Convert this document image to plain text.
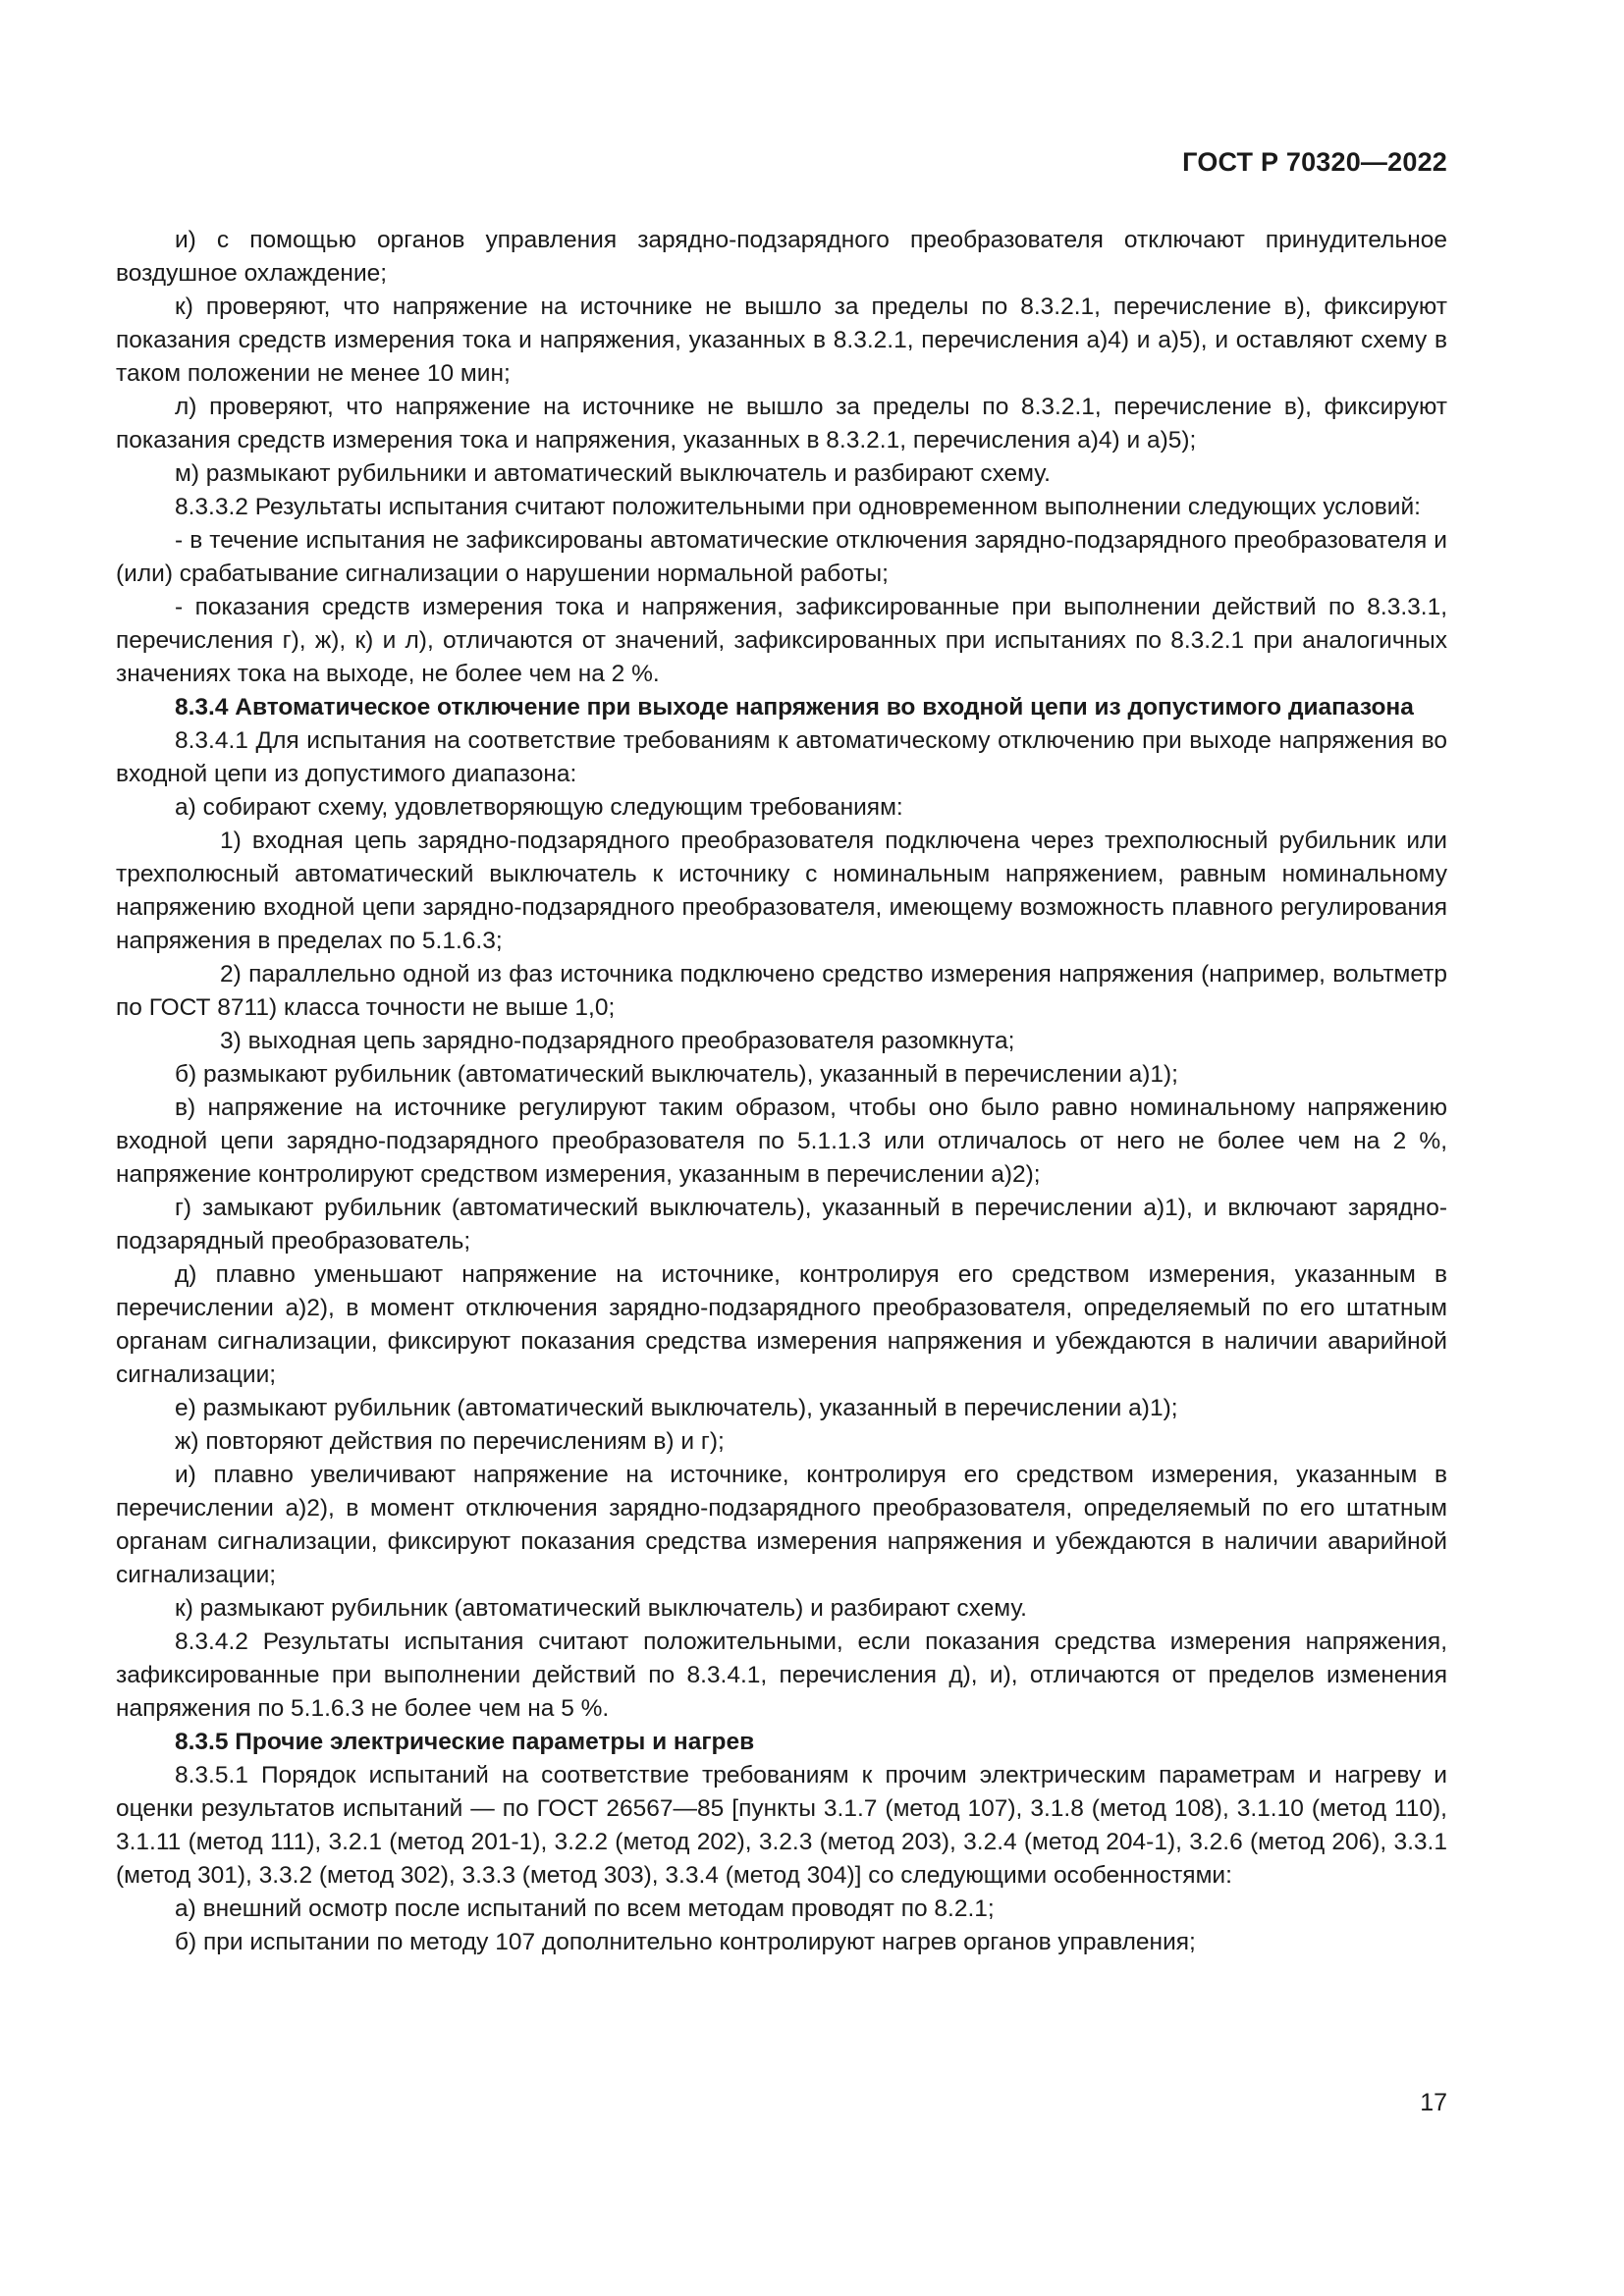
ГОСТ Р 70320—2022

и) с помощью органов управления зарядно-подзарядного преобразователя отключают принудительное воздушное охлаждение;

к) проверяют, что напряжение на источнике не вышло за пределы по 8.3.2.1, перечисление в), фиксируют показания средств измерения тока и напряжения, указанных в 8.3.2.1, перечисления а)4) и а)5), и оставляют схему в таком положении не менее 10 мин;

л) проверяют, что напряжение на источнике не вышло за пределы по 8.3.2.1, перечисление в), фиксируют показания средств измерения тока и напряжения, указанных в 8.3.2.1, перечисления а)4) и а)5);

м) размыкают рубильники и автоматический выключатель и разбирают схему.

8.3.3.2 Результаты испытания считают положительными при одновременном выполнении следующих условий:

- в течение испытания не зафиксированы автоматические отключения зарядно-подзарядного преобразователя и (или) срабатывание сигнализации о нарушении нормальной работы;

- показания средств измерения тока и напряжения, зафиксированные при выполнении действий по 8.3.3.1, перечисления г), ж), к) и л), отличаются от значений, зафиксированных при испытаниях по 8.3.2.1 при аналогичных значениях тока на выходе, не более чем на 2 %.

8.3.4 Автоматическое отключение при выходе напряжения во входной цепи из допустимого диапазона

8.3.4.1 Для испытания на соответствие требованиям к автоматическому отключению при выходе напряжения во входной цепи из допустимого диапазона:

а) собирают схему, удовлетворяющую следующим требованиям:

1) входная цепь зарядно-подзарядного преобразователя подключена через трехполюсный рубильник или трехполюсный автоматический выключатель к источнику с номинальным напряжением, равным номинальному напряжению входной цепи зарядно-подзарядного преобразователя, имеющему возможность плавного регулирования напряжения в пределах по 5.1.6.3;

2) параллельно одной из фаз источника подключено средство измерения напряжения (например, вольтметр по ГОСТ 8711) класса точности не выше 1,0;

3) выходная цепь зарядно-подзарядного преобразователя разомкнута;

б) размыкают рубильник (автоматический выключатель), указанный в перечислении а)1);

в) напряжение на источнике регулируют таким образом, чтобы оно было равно номинальному напряжению входной цепи зарядно-подзарядного преобразователя по 5.1.1.3 или отличалось от него не более чем на 2 %, напряжение контролируют средством измерения, указанным в перечислении а)2);

г) замыкают рубильник (автоматический выключатель), указанный в перечислении а)1), и включают зарядно-подзарядный преобразователь;

д) плавно уменьшают напряжение на источнике, контролируя его средством измерения, указанным в перечислении а)2), в момент отключения зарядно-подзарядного преобразователя, определяемый по его штатным органам сигнализации, фиксируют показания средства измерения напряжения и убеждаются в наличии аварийной сигнализации;

е) размыкают рубильник (автоматический выключатель), указанный в перечислении а)1);

ж) повторяют действия по перечислениям в) и г);

и) плавно увеличивают напряжение на источнике, контролируя его средством измерения, указанным в перечислении а)2), в момент отключения зарядно-подзарядного преобразователя, определяемый по его штатным органам сигнализации, фиксируют показания средства измерения напряжения и убеждаются в наличии аварийной сигнализации;

к) размыкают рубильник (автоматический выключатель) и разбирают схему.

8.3.4.2 Результаты испытания считают положительными, если показания средства измерения напряжения, зафиксированные при выполнении действий по 8.3.4.1, перечисления д), и), отличаются от пределов изменения напряжения по 5.1.6.3 не более чем на 5 %.

8.3.5 Прочие электрические параметры и нагрев

8.3.5.1 Порядок испытаний на соответствие требованиям к прочим электрическим параметрам и нагреву и оценки результатов испытаний — по ГОСТ 26567—85 [пункты 3.1.7 (метод 107), 3.1.8 (метод 108), 3.1.10 (метод 110), 3.1.11 (метод 111), 3.2.1 (метод 201-1), 3.2.2 (метод 202), 3.2.3 (метод 203), 3.2.4 (метод 204-1), 3.2.6 (метод 206), 3.3.1 (метод 301), 3.3.2 (метод 302), 3.3.3 (метод 303), 3.3.4 (метод 304)] со следующими особенностями:

а) внешний осмотр после испытаний по всем методам проводят по 8.2.1;

б) при испытании по методу 107 дополнительно контролируют нагрев органов управления;

17
